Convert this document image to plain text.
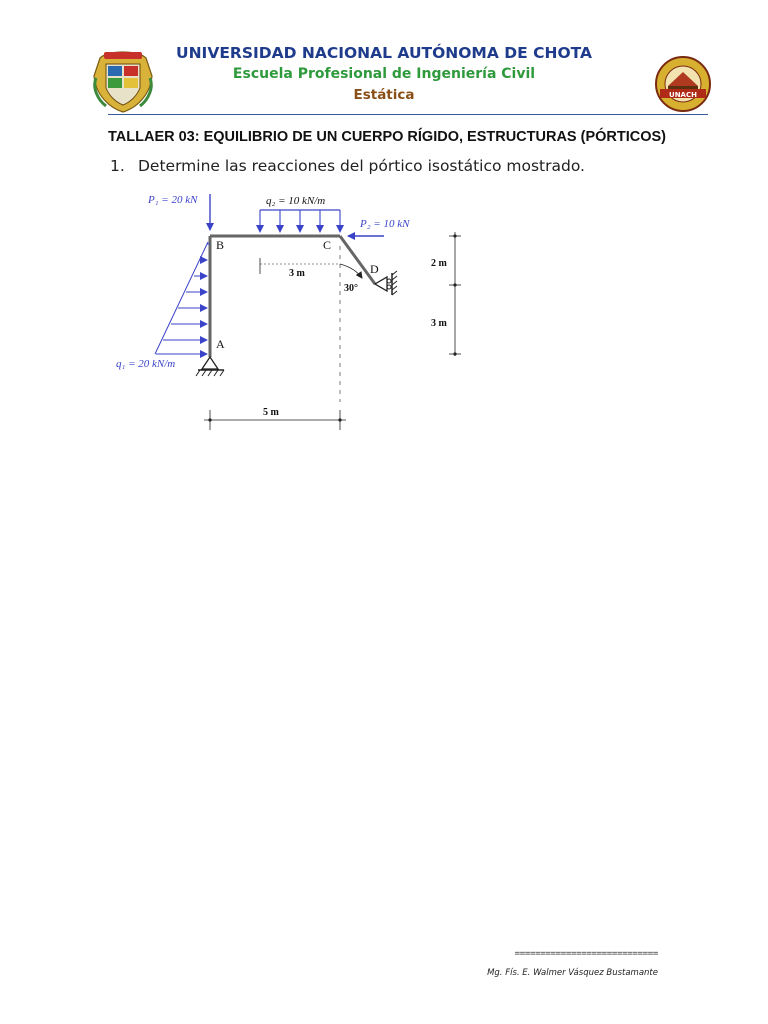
UNIVERSIDAD NACIONAL AUTÓNOMA DE CHOTA
Escuela Profesional de Ingeniería Civil
Estática	UNACH
TALLAER 03: EQUILIBRIO DE UN CUERPO RÍGIDO, ESTRUCTURAS (PÓRTICOS)
1. Determine las reacciones del pórtico isostático mostrado.
P₁ = 20 kN	q₂ = 10 kN/m
P₂ = 10 kN
q₁ = 20 kN/m
B	C
D
A
3 m
30°
2 m
3 m
5 m
============================
Mg. Fís. E. Walmer Vásquez Bustamante
